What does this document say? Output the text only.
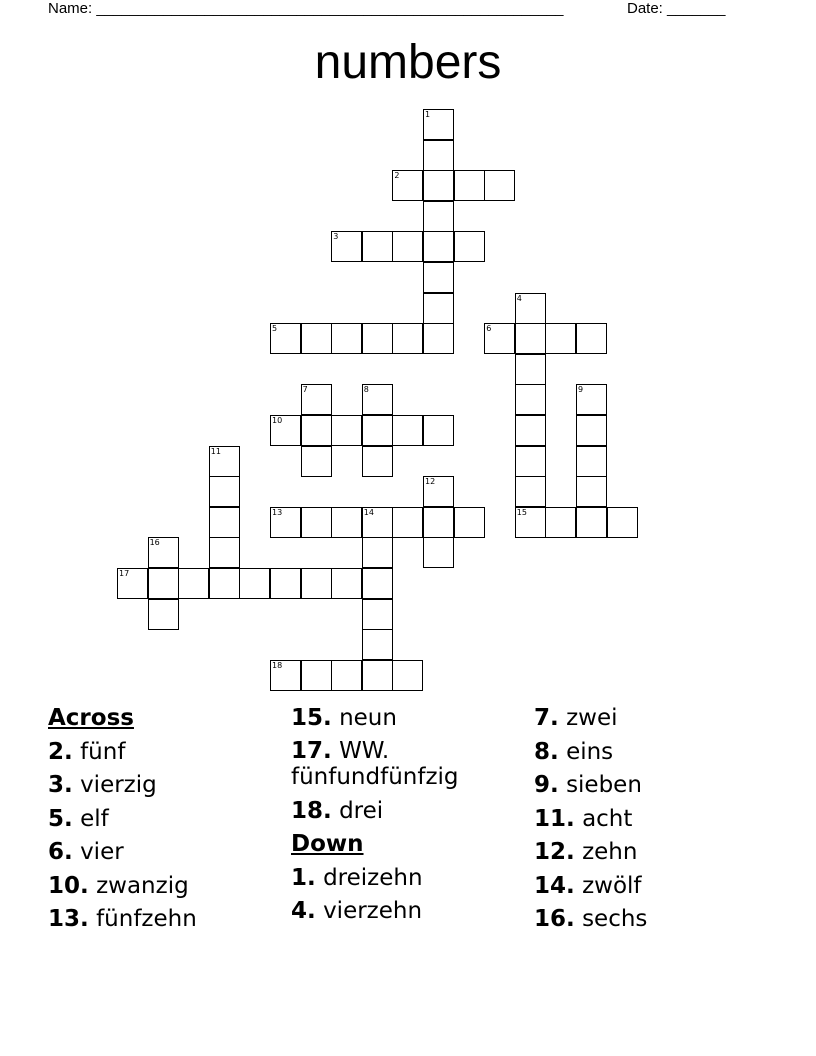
Name: ________________________________________________________	Date: _______
numbers
1
2
3
4
15
5	6
7	8	9
10
11
12
13	14
16
17
18
Across
2. fünf
3. vierzig
5. elf
6. vier
10. zwanzig
13. fünfzehn
15. neun
17. WW. fünfundfünfzig
18. drei
Down
1. dreizehn
4. vierzehn
7. zwei
8. eins
9. sieben
11. acht
12. zehn
14. zwölf
16. sechs
